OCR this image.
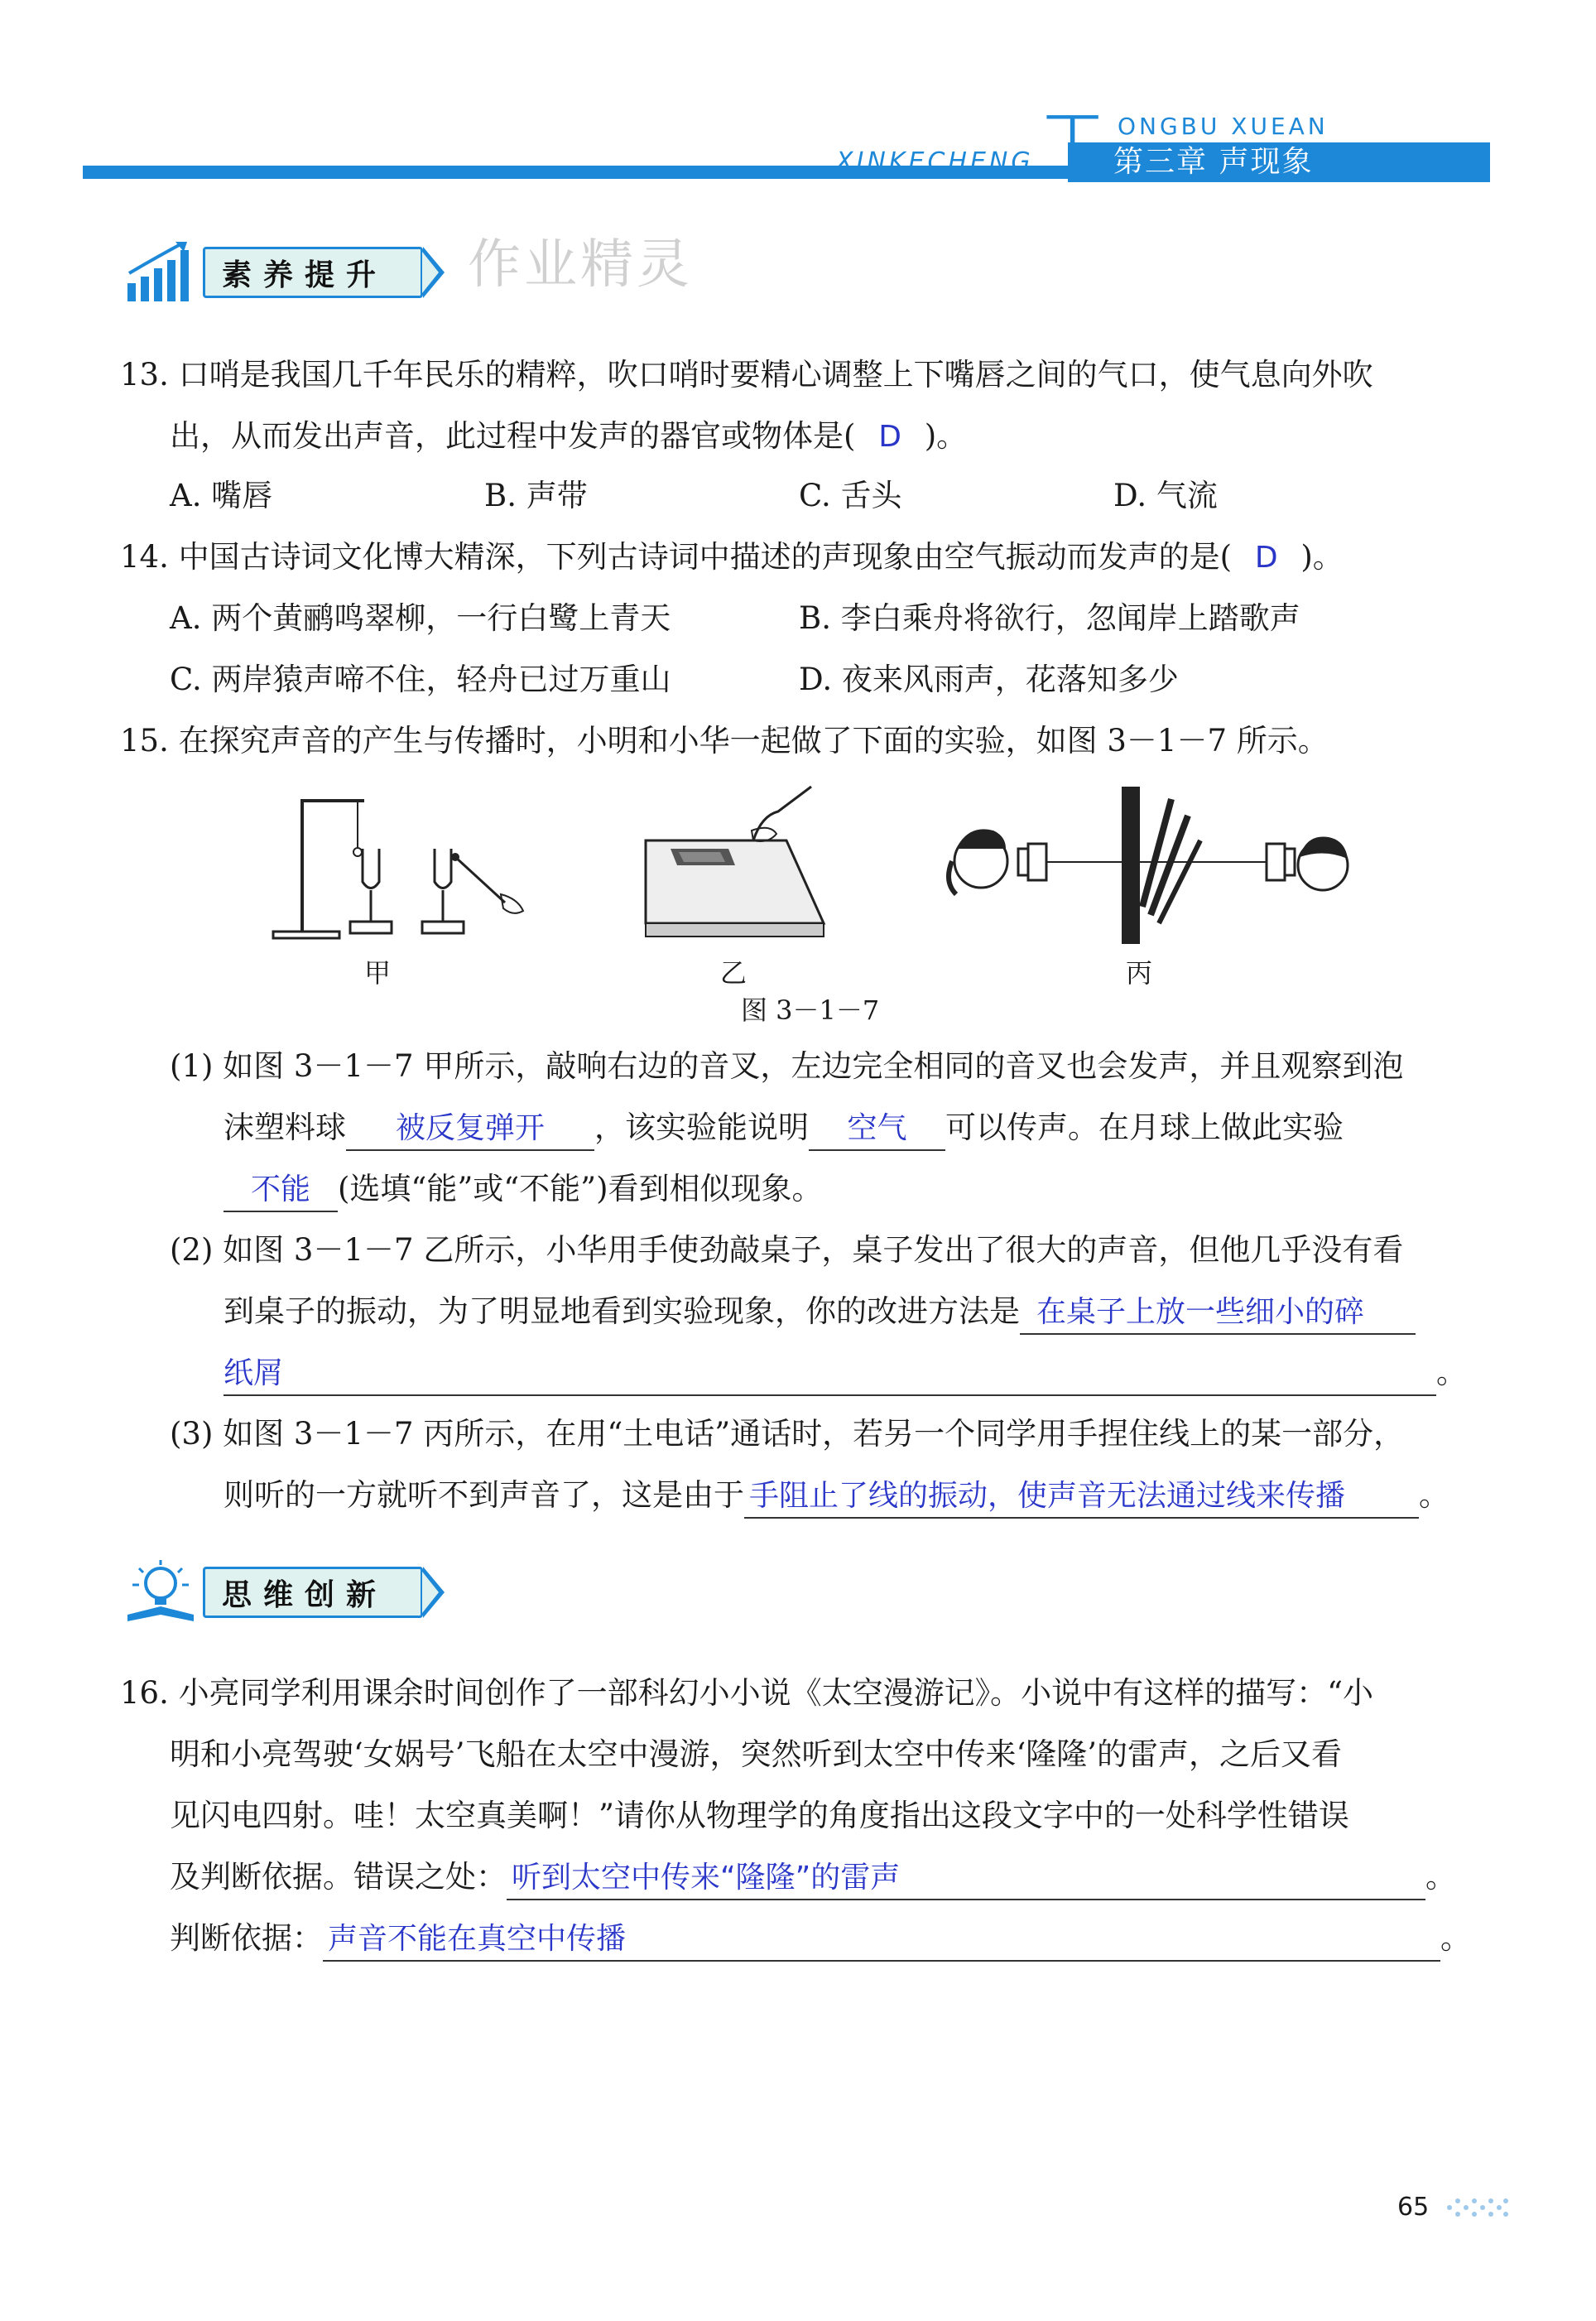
T ONGBU XUEAN
XINKECHENG	第三章 声现象
素养提升	作业精灵
13. 口哨是我国几千年民乐的精粹，吹口哨时要精心调整上下嘴唇之间的气口，使气息向外吹
出，从而发出声音，此过程中发声的器官或物体是( D )。
A. 嘴唇	B. 声带	C. 舌头	D. 气流
14. 中国古诗词文化博大精深，下列古诗词中描述的声现象由空气振动而发声的是( D )。
A. 两个黄鹂鸣翠柳，一行白鹭上青天	B. 李白乘舟将欲行，忽闻岸上踏歌声
C. 两岸猿声啼不住，轻舟已过万重山	D. 夜来风雨声，花落知多少
15. 在探究声音的产生与传播时，小明和小华一起做了下面的实验，如图 3－1－7 所示。
甲	乙	丙
图 3－1－7
(1) 如图 3－1－7 甲所示，敲响右边的音叉，左边完全相同的音叉也会发声，并且观察到泡
沫塑料球 被反复弹开 ，该实验能说明 空气 可以传声。在月球上做此实验
不能 (选填“能”或“不能”)看到相似现象。
(2) 如图 3－1－7 乙所示，小华用手使劲敲桌子，桌子发出了很大的声音，但他几乎没有看
到桌子的振动，为了明显地看到实验现象，你的改进方法是 在桌子上放一些细小的碎
纸屑	。
(3) 如图 3－1－7 丙所示，在用“土电话”通话时，若另一个同学用手捏住线上的某一部分，
则听的一方就听不到声音了，这是由于 手阻止了线的振动，使声音无法通过线来传播 。
思维创新
16. 小亮同学利用课余时间创作了一部科幻小小说《太空漫游记》。小说中有这样的描写：“小
明和小亮驾驶‘女娲号’飞船在太空中漫游，突然听到太空中传来‘隆隆’的雷声，之后又看
见闪电四射。哇！太空真美啊！”请你从物理学的角度指出这段文字中的一处科学性错误
及判断依据。错误之处： 听到太空中传来“隆隆”的雷声	。
判断依据： 声音不能在真空中传播	。
65
